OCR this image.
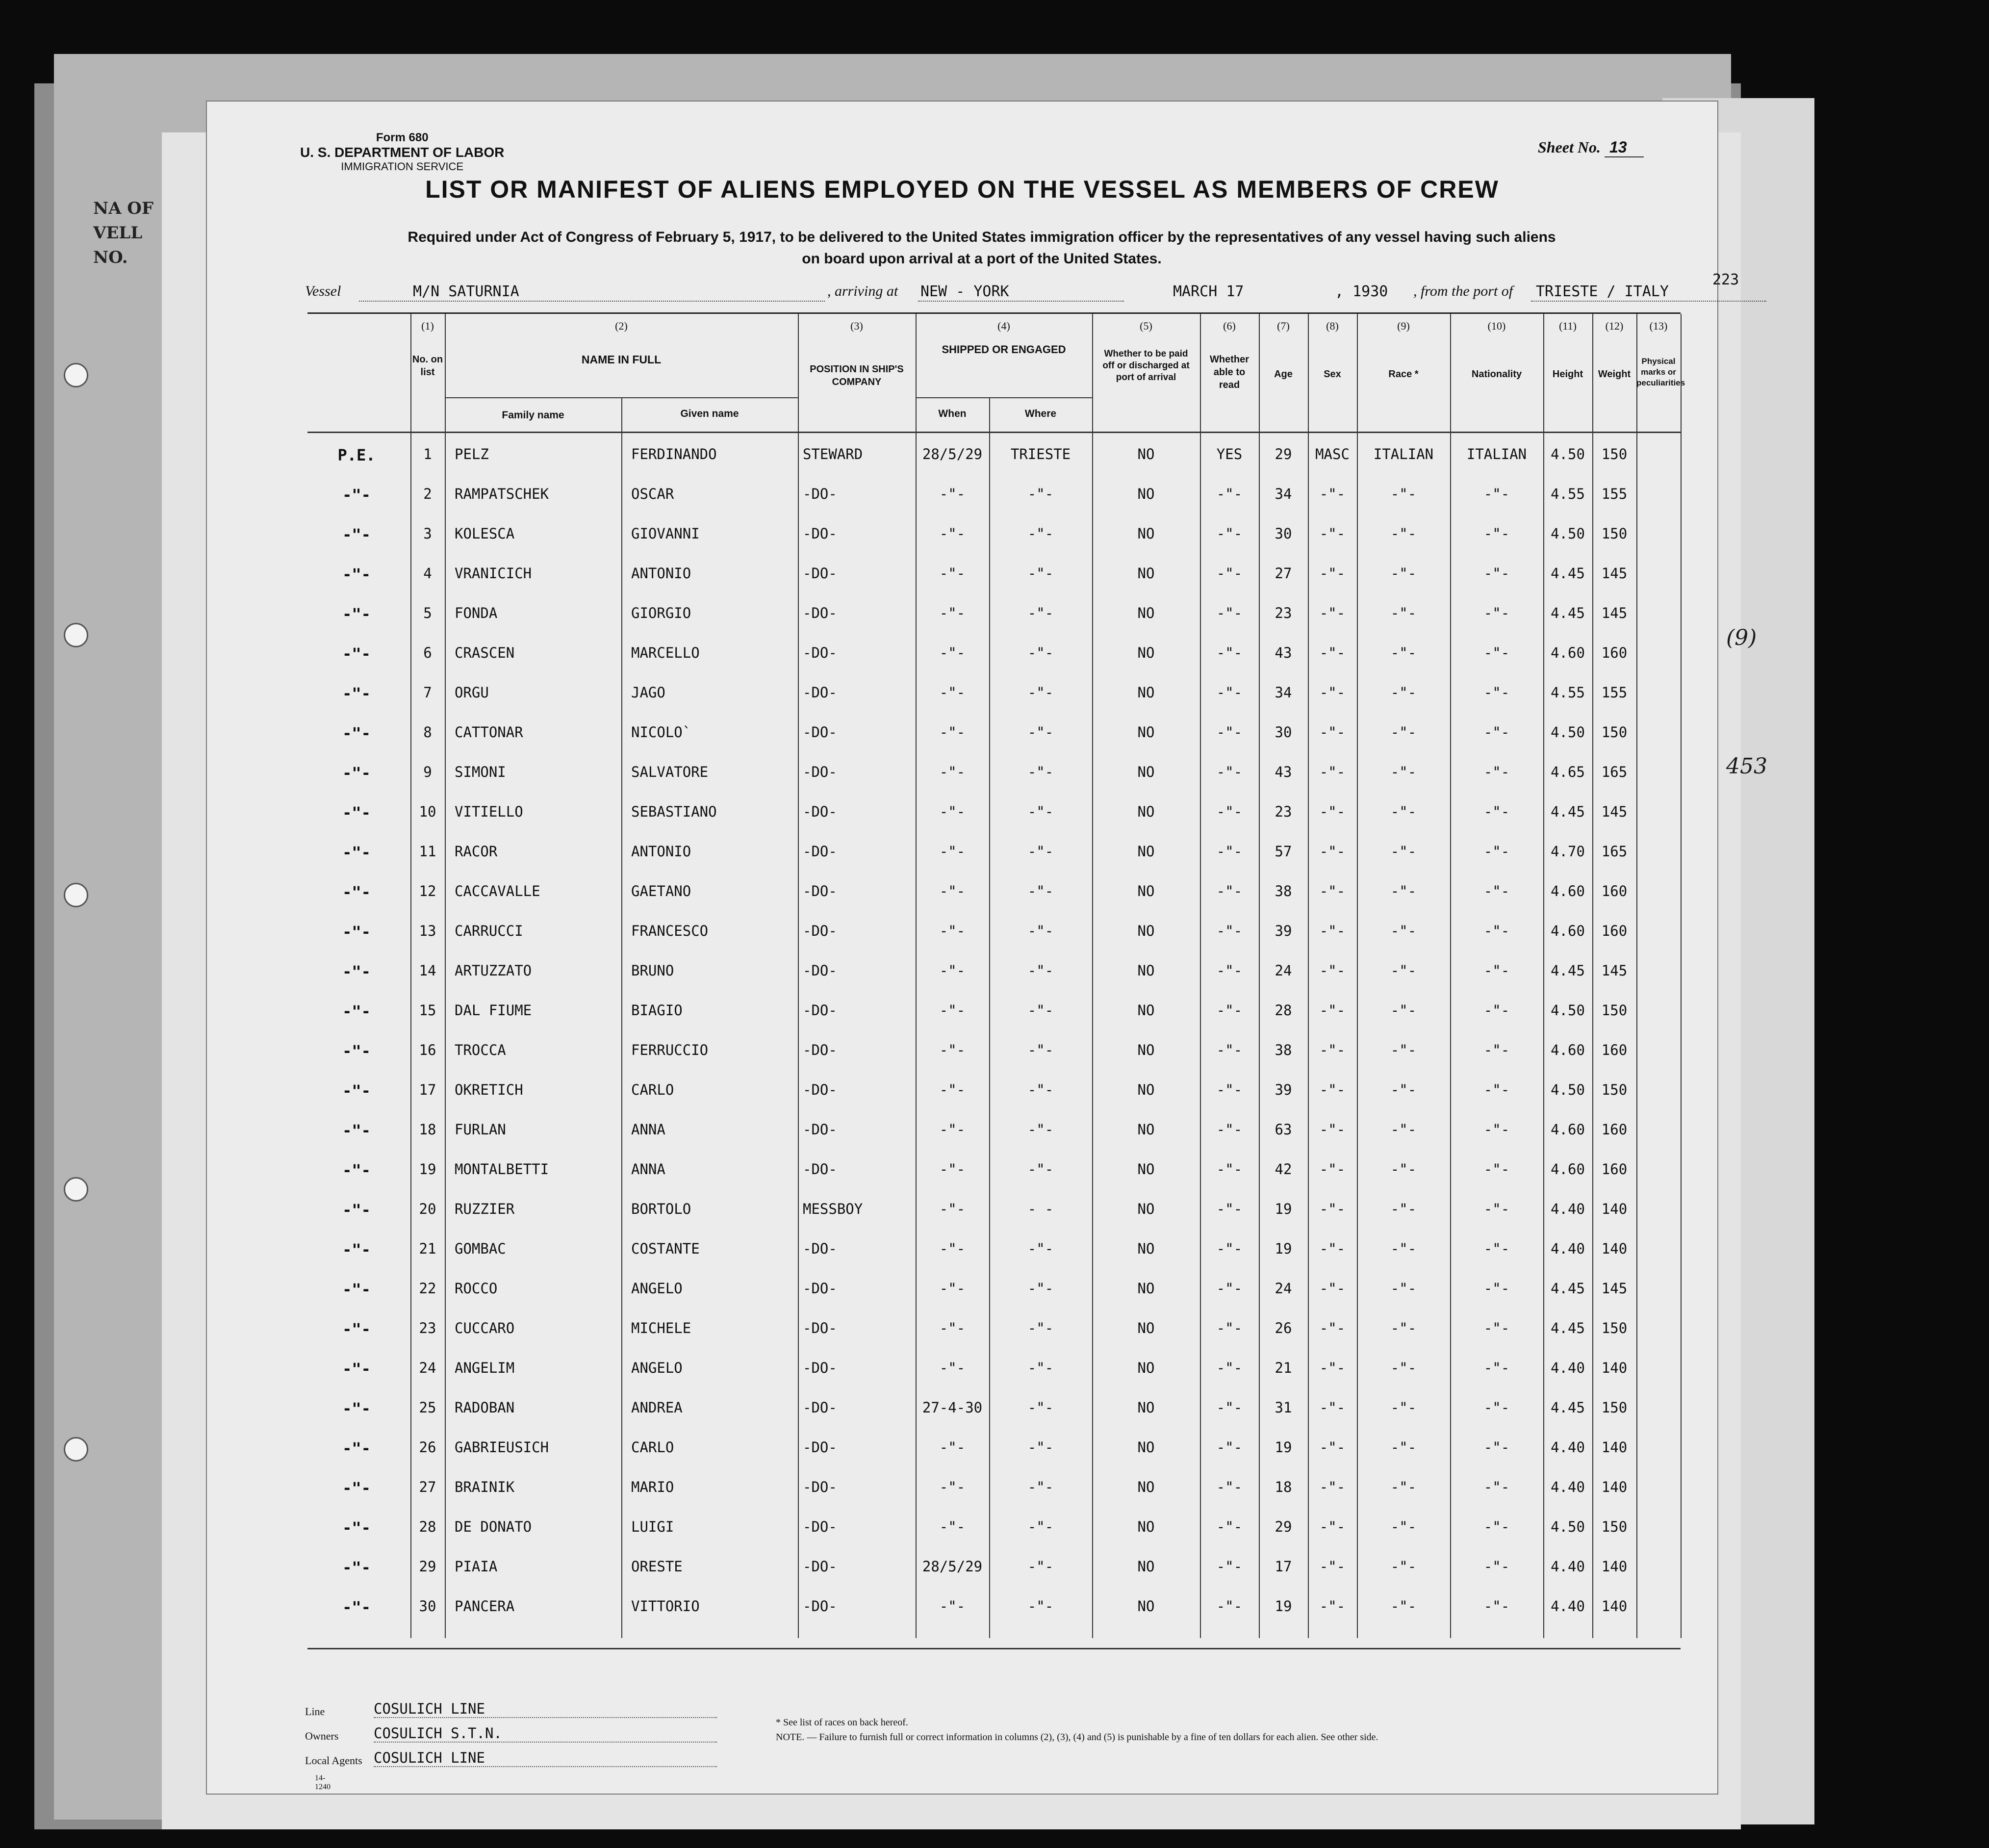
NA OF
VELL NO.
(9)
453
Form 680
U. S. DEPARTMENT OF LABOR
IMMIGRATION SERVICE
Sheet No. 13
LIST OR MANIFEST OF ALIENS EMPLOYED ON THE VESSEL AS MEMBERS OF CREW
Required under Act of Congress of February 5, 1917, to be delivered to the United States immigration officer by the representatives of any vessel having such aliens
on board upon arrival at a port of the United States.
Vessel	M/N SATURNIA	, arriving at NEW - YORK	MARCH 17	, 1930 , from the port of TRIESTE / ITALY
223
(1)	(2)	(3)	(4)	(5)	(6)	(7)	(8)	(9)	(10)	(11)	(12)	(13)
No. on list
NAME IN FULL
Family name	Given name
POSITION IN SHIP'S COMPANY
SHIPPED OR ENGAGED
When	Where
Whether to be paid off or discharged at port of arrival
Whether able to read
Age	Sex	Race *	Nationality	Height	Weight
Physical marks or peculiarities
P.E.	1	PELZ	FERDINANDO	STEWARD	28/5/29	TRIESTE	NO	YES	29	MASC	ITALIAN	ITALIAN	4.50	150
-"-	2	RAMPATSCHEK	OSCAR	-DO-	-"-	-"-	NO	-"-	34	-"-	-"-	-"-	4.55	155
-"-	3	KOLESCA	GIOVANNI	-DO-	-"-	-"-	NO	-"-	30	-"-	-"-	-"-	4.50	150
-"-	4	VRANICICH	ANTONIO	-DO-	-"-	-"-	NO	-"-	27	-"-	-"-	-"-	4.45	145
-"-	5	FONDA	GIORGIO	-DO-	-"-	-"-	NO	-"-	23	-"-	-"-	-"-	4.45	145
-"-	6	CRASCEN	MARCELLO	-DO-	-"-	-"-	NO	-"-	43	-"-	-"-	-"-	4.60	160
-"-	7	ORGU	JAGO	-DO-	-"-	-"-	NO	-"-	34	-"-	-"-	-"-	4.55	155
-"-	8	CATTONAR	NICOLO`	-DO-	-"-	-"-	NO	-"-	30	-"-	-"-	-"-	4.50	150
-"-	9	SIMONI	SALVATORE	-DO-	-"-	-"-	NO	-"-	43	-"-	-"-	-"-	4.65	165
-"-	10	VITIELLO	SEBASTIANO	-DO-	-"-	-"-	NO	-"-	23	-"-	-"-	-"-	4.45	145
-"-	11	RACOR	ANTONIO	-DO-	-"-	-"-	NO	-"-	57	-"-	-"-	-"-	4.70	165
-"-	12	CACCAVALLE	GAETANO	-DO-	-"-	-"-	NO	-"-	38	-"-	-"-	-"-	4.60	160
-"-	13	CARRUCCI	FRANCESCO	-DO-	-"-	-"-	NO	-"-	39	-"-	-"-	-"-	4.60	160
-"-	14	ARTUZZATO	BRUNO	-DO-	-"-	-"-	NO	-"-	24	-"-	-"-	-"-	4.45	145
-"-	15	DAL FIUME	BIAGIO	-DO-	-"-	-"-	NO	-"-	28	-"-	-"-	-"-	4.50	150
-"-	16	TROCCA	FERRUCCIO	-DO-	-"-	-"-	NO	-"-	38	-"-	-"-	-"-	4.60	160
-"-	17	OKRETICH	CARLO	-DO-	-"-	-"-	NO	-"-	39	-"-	-"-	-"-	4.50	150
-"-	18	FURLAN	ANNA	-DO-	-"-	-"-	NO	-"-	63	-"-	-"-	-"-	4.60	160
-"-	19	MONTALBETTI	ANNA	-DO-	-"-	-"-	NO	-"-	42	-"-	-"-	-"-	4.60	160
-"-	20	RUZZIER	BORTOLO	MESSBOY	-"-	- -	NO	-"-	19	-"-	-"-	-"-	4.40	140
-"-	21	GOMBAC	COSTANTE	-DO-	-"-	-"-	NO	-"-	19	-"-	-"-	-"-	4.40	140
-"-	22	ROCCO	ANGELO	-DO-	-"-	-"-	NO	-"-	24	-"-	-"-	-"-	4.45	145
-"-	23	CUCCARO	MICHELE	-DO-	-"-	-"-	NO	-"-	26	-"-	-"-	-"-	4.45	150
-"-	24	ANGELIM	ANGELO	-DO-	-"-	-"-	NO	-"-	21	-"-	-"-	-"-	4.40	140
-"-	25	RADOBAN	ANDREA	-DO-	27-4-30	-"-	NO	-"-	31	-"-	-"-	-"-	4.45	150
-"-	26	GABRIEUSICH	CARLO	-DO-	-"-	-"-	NO	-"-	19	-"-	-"-	-"-	4.40	140
-"-	27	BRAINIK	MARIO	-DO-	-"-	-"-	NO	-"-	18	-"-	-"-	-"-	4.40	140
-"-	28	DE DONATO	LUIGI	-DO-	-"-	-"-	NO	-"-	29	-"-	-"-	-"-	4.50	150
-"-	29	PIAIA	ORESTE	-DO-	28/5/29	-"-	NO	-"-	17	-"-	-"-	-"-	4.40	140
-"-	30	PANCERA	VITTORIO	-DO-	-"-	-"-	NO	-"-	19	-"-	-"-	-"-	4.40	140
Line	COSULICH LINE
Owners COSULICH S.T.N.
Local Agents COSULICH LINE
14-1240
* See list of races on back hereof.
NOTE. — Failure to furnish full or correct information in columns (2), (3), (4) and (5) is punishable by a fine of ten dollars for each alien. See other side.
